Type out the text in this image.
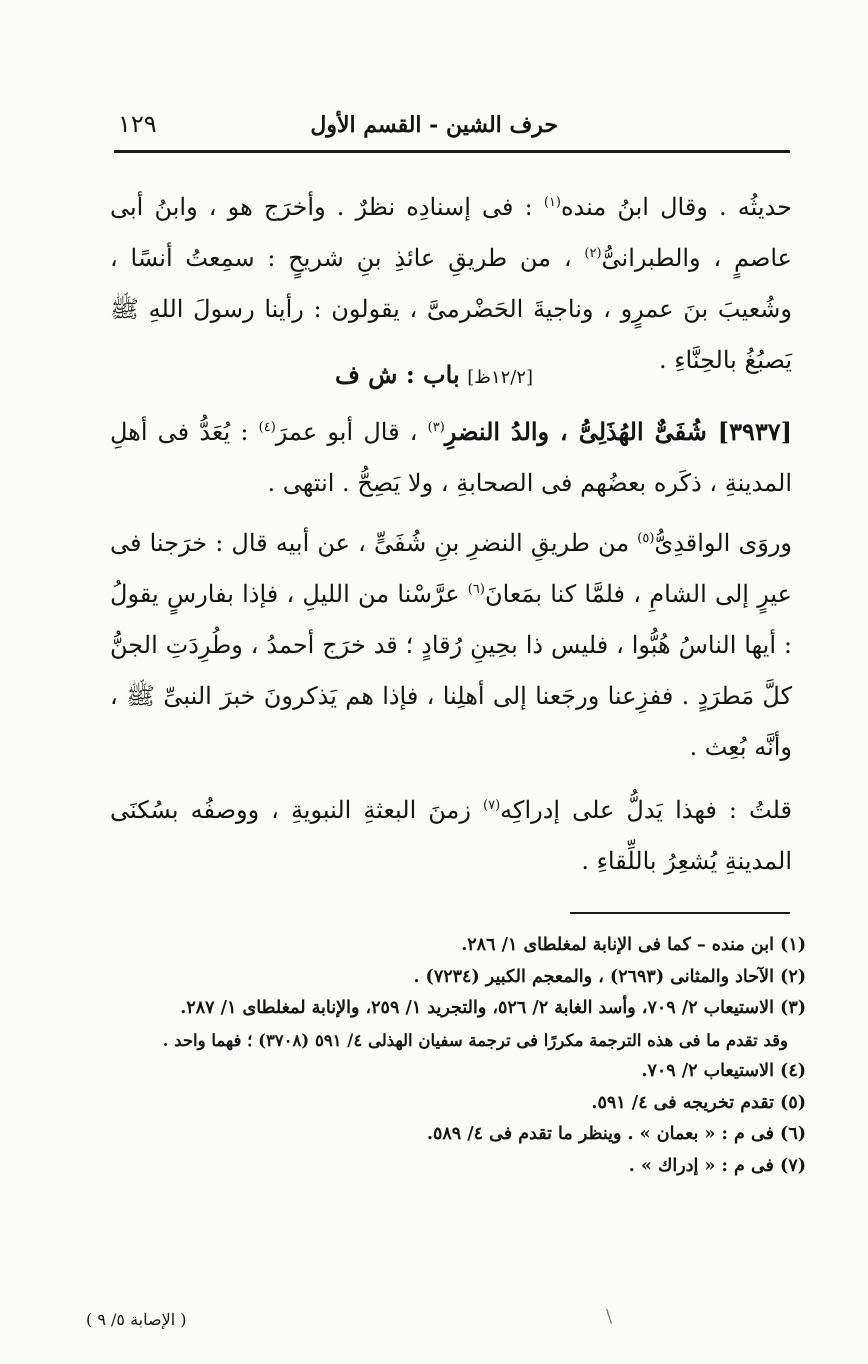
حرف الشين - القسم الأول
١٢٩

حديثُه . وقال ابنُ منده$^{(١)}$ : فى إسنادِه نظرٌ . وأخرَج هو ، وابنُ أبى عاصمٍ ، والطبرانىُّ$^{(٢)}$ ، من طريقِ عائذِ بنِ شريحٍ : سمِعتُ أنسًا ، وشُعيبَ بنَ عمرٍو ، وناجيةَ الحَضْرمىَّ ، يقولون : رأينا رسولَ اللهِ ﷺ يَصبُغُ بالحِنَّاءِ .

[١٢/٢ظ] باب : ش ف

[٣٩٣٧] شُفَىٌّ الهُذَلِىُّ ، والدُ النضرِ$^{(٣)}$ ، قال أبو عمرَ$^{(٤)}$ : يُعَدُّ فى أهلِ المدينةِ ، ذكَره بعضُهم فى الصحابةِ ، ولا يَصِحُّ . انتهى .

وروَى الواقدِىُّ$^{(٥)}$ من طريقِ النضرِ بنِ شُفَىٍّ ، عن أبيه قال : خرَجنا فى عيرٍ إلى الشامِ ، فلمَّا كنا بمَعانَ$^{(٦)}$ عرَّسْنا من الليلِ ، فإذا بفارسٍ يقولُ : أيها الناسُ هُبُّوا ، فليس ذا بحِينِ رُقادٍ ؛ قد خرَج أحمدُ ، وطُرِدَتِ الجنُّ كلَّ مَطرَدٍ . ففزِعنا ورجَعنا إلى أهلِنا ، فإذا هم يَذكرونَ خبرَ النبىِّ ﷺ ، وأنَّه بُعِث .

قلتُ : فهذا يَدلُّ على إدراكِه$^{(٧)}$ زمنَ البعثةِ النبويةِ ، ووصفُه بسُكنَى المدينةِ يُشعِرُ باللِّقاءِ .

(١) ابن منده – كما فى الإنابة لمغلطاى ١/ ٢٨٦.
(٢) الآحاد والمثانى (٢٦٩٣) ، والمعجم الكبير (٧٢٣٤) .
(٣) الاستيعاب ٢/ ٧٠٩، وأسد الغابة ٢/ ٥٢٦، والتجريد ١/ ٢٥٩، والإنابة لمغلطاى ١/ ٢٨٧.
وقد تقدم ما فى هذه الترجمة مكررًا فى ترجمة سفيان الهذلى ٤/ ٥٩١ (٣٧٠٨) ؛ فهما واحد .
(٤) الاستيعاب ٢/ ٧٠٩.
(٥) تقدم تخريجه فى ٤/ ٥٩١.
(٦) فى م : « بعمان » . وينظر ما تقدم فى ٤/ ٥٨٩.
(٧) فى م : « إدراك » .
\
( الإصابة ٥/ ٩ )
